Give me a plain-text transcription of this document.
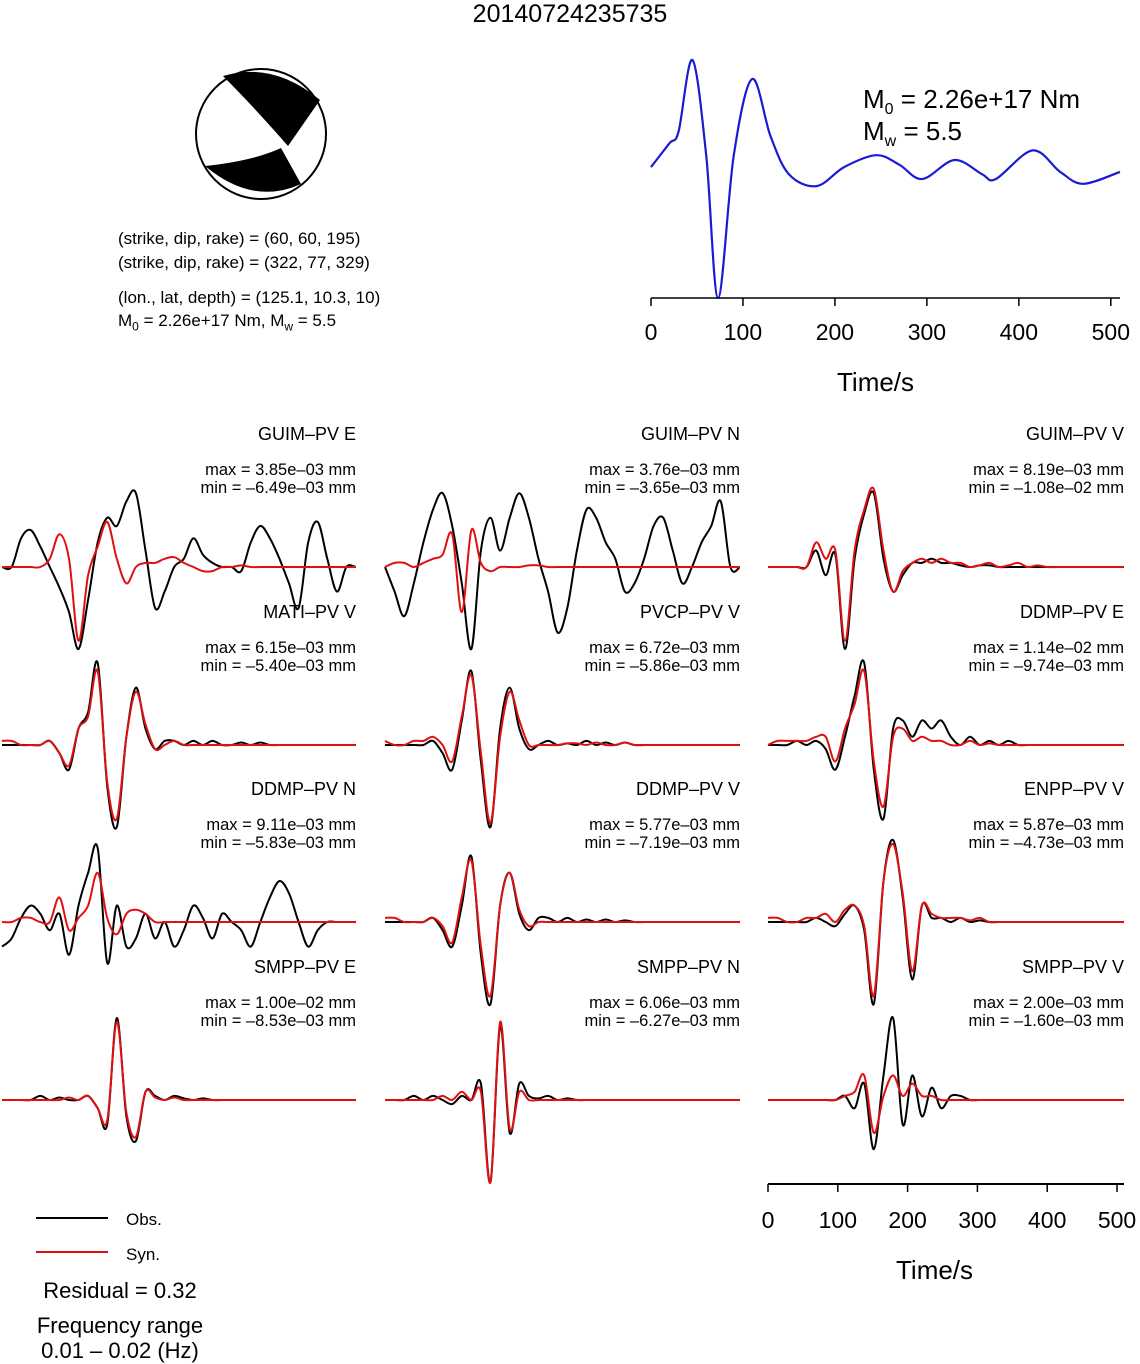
20140724235735
(strike, dip, rake) = (60, 60, 195)
(strike, dip, rake) = (322, 77, 329)
(lon., lat, depth) = (125.1, 10.3, 10)
$M_0 = 2.26e+17$ Nm, $M_w = 5.5$	0	100 200 300 400 500
$M_0 = 2.26e+17$ Nm
$M_w = 5.5$
Time/s
GUIM–PV E
max = 3.85e–03 mm
min = –6.49e–03 mm
GUIM–PV N
max = 3.76e–03 mm
min = –3.65e–03 mm
GUIM–PV V
max = 8.19e–03 mm
min = –1.08e–02 mm
MATI–PV V
max = 6.15e–03 mm
min = –5.40e–03 mm
PVCP–PV V
max = 6.72e–03 mm
min = –5.86e–03 mm
DDMP–PV E
max = 1.14e–02 mm
min = –9.74e–03 mm
DDMP–PV N
max = 9.11e–03 mm
min = –5.83e–03 mm
DDMP–PV V
max = 5.77e–03 mm
min = –7.19e–03 mm
ENPP–PV V
max = 5.87e–03 mm
min = –4.73e–03 mm
SMPP–PV E
max = 1.00e–02 mm
min = –8.53e–03 mm
SMPP–PV N
max = 6.06e–03 mm
min = –6.27e–03 mm
SMPP–PV V
max = 2.00e–03 mm
min = –1.60e–03 mm
0 100 200 300 400 500
Time/s
Obs.
Syn.
Residual = 0.32
Frequency range
0.01 – 0.02 (Hz)
